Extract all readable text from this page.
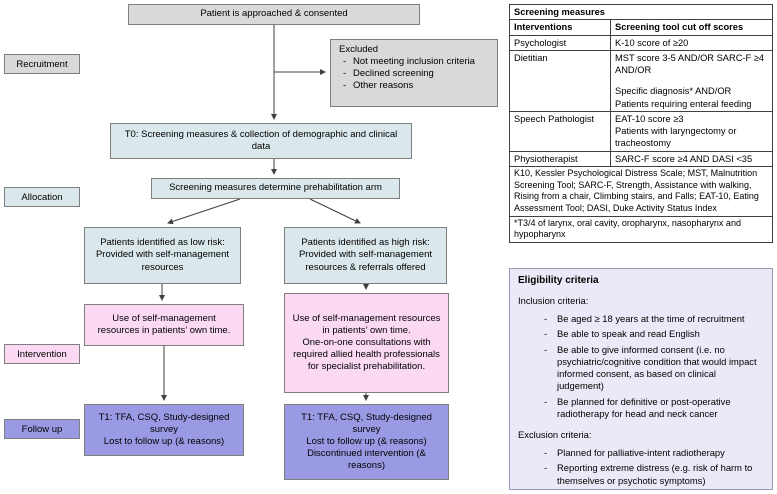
Recruitment
Allocation
Intervention
Follow up
Patient is approached & consented
Excluded
- Not meeting inclusion criteria
- Declined screening
- Other reasons
T0: Screening measures & collection of demographic and clinical data
Screening measures determine prehabilitation arm
Patients identified as low risk: Provided with self-management resources
Patients identified as high risk: Provided with self-management resources & referrals offered
Use of self-management resources in patients’ own time.
Use of self-management resources in patients’ own time.
One-on-one consultations with required allied health professionals for specialist prehabilitation.
T1: TFA, CSQ, Study-designed survey
Lost to follow up (& reasons)
T1: TFA, CSQ, Study-designed survey
Lost to follow up (& reasons)
Discontinued intervention (& reasons)
Screening measures	
Interventions	Screening tool cut off scores
Psychologist	K-10 score of ≥20

Dietitian	MST score 3-5 AND/OR SARC-F ≥4 AND/OR
Specific diagnosis* AND/OR
Patients requiring enteral feeding

Speech Pathologist	EAT-10 score ≥3
Patients with laryngectomy or tracheostomy

Physiotherapist	SARC-F score ≥4 AND DASI <35

K10, Kessler Psychological Distress Scale; MST, Malnutrition Screening Tool; SARC-F, Strength, Assistance with walking, Rising from a chair, Climbing stairs, and Falls; EAT-10, Eating Assessment Tool; DASI, Duke Activity Status Index	
*T3/4 of larynx, oral cavity, oropharynx, nasopharynx and hypopharynx	
Eligibility criteria
Inclusion criteria:
- Be aged ≥ 18 years at the time of recruitment
- Be able to speak and read English
- Be able to give informed consent (i.e. no psychiatric/cognitive condition that would impact informed consent, as based on clinical judgement)
- Be planned for definitive or post-operative radiotherapy for head and neck cancer
Exclusion criteria:
- Planned for palliative-intent radiotherapy
- Reporting extreme distress (e.g. risk of harm to themselves or psychotic symptoms)
